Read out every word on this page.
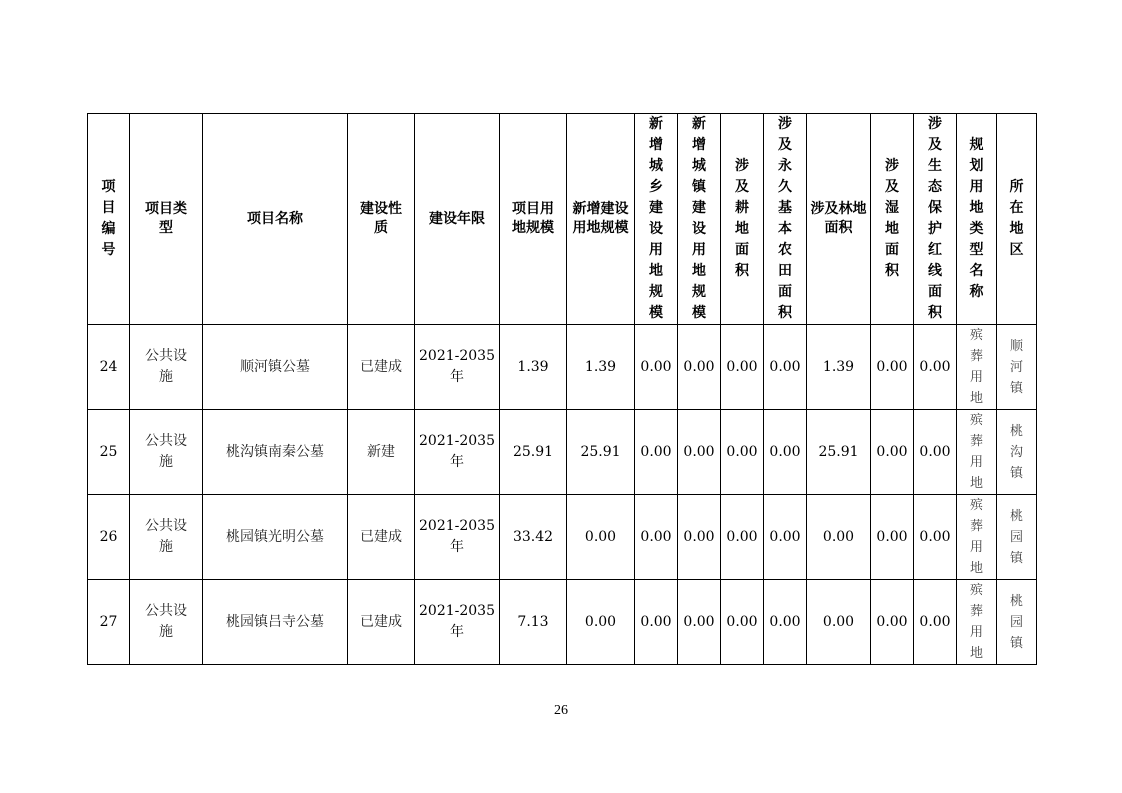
项目编号	项目类型	项目名称	建设性质	建设年限	项目用地规模	新增建设用地规模	新增城乡建设用地规模	新增城镇建设用地规模	涉及耕地面积	涉及永久基本农田面积	涉及林地面积	涉及湿地面积	涉及生态保护红线面积	规划用地类型名称	所在地区
24	公共设施	顺河镇公墓	已建成	2021-2035年	1.39	1.39	0.00	0.00	0.00	0.00	1.39	0.00	0.00	殡葬用地	顺河镇
25	公共设施	桃沟镇南秦公墓	新建	2021-2035年	25.91	25.91	0.00	0.00	0.00	0.00	25.91	0.00	0.00	殡葬用地	桃沟镇
26	公共设施	桃园镇光明公墓	已建成	2021-2035年	33.42	0.00	0.00	0.00	0.00	0.00	0.00	0.00	0.00	殡葬用地	桃园镇
27	公共设施	桃园镇吕寺公墓	已建成	2021-2035年	7.13	0.00	0.00	0.00	0.00	0.00	0.00	0.00	0.00	殡葬用地	桃园镇
26
